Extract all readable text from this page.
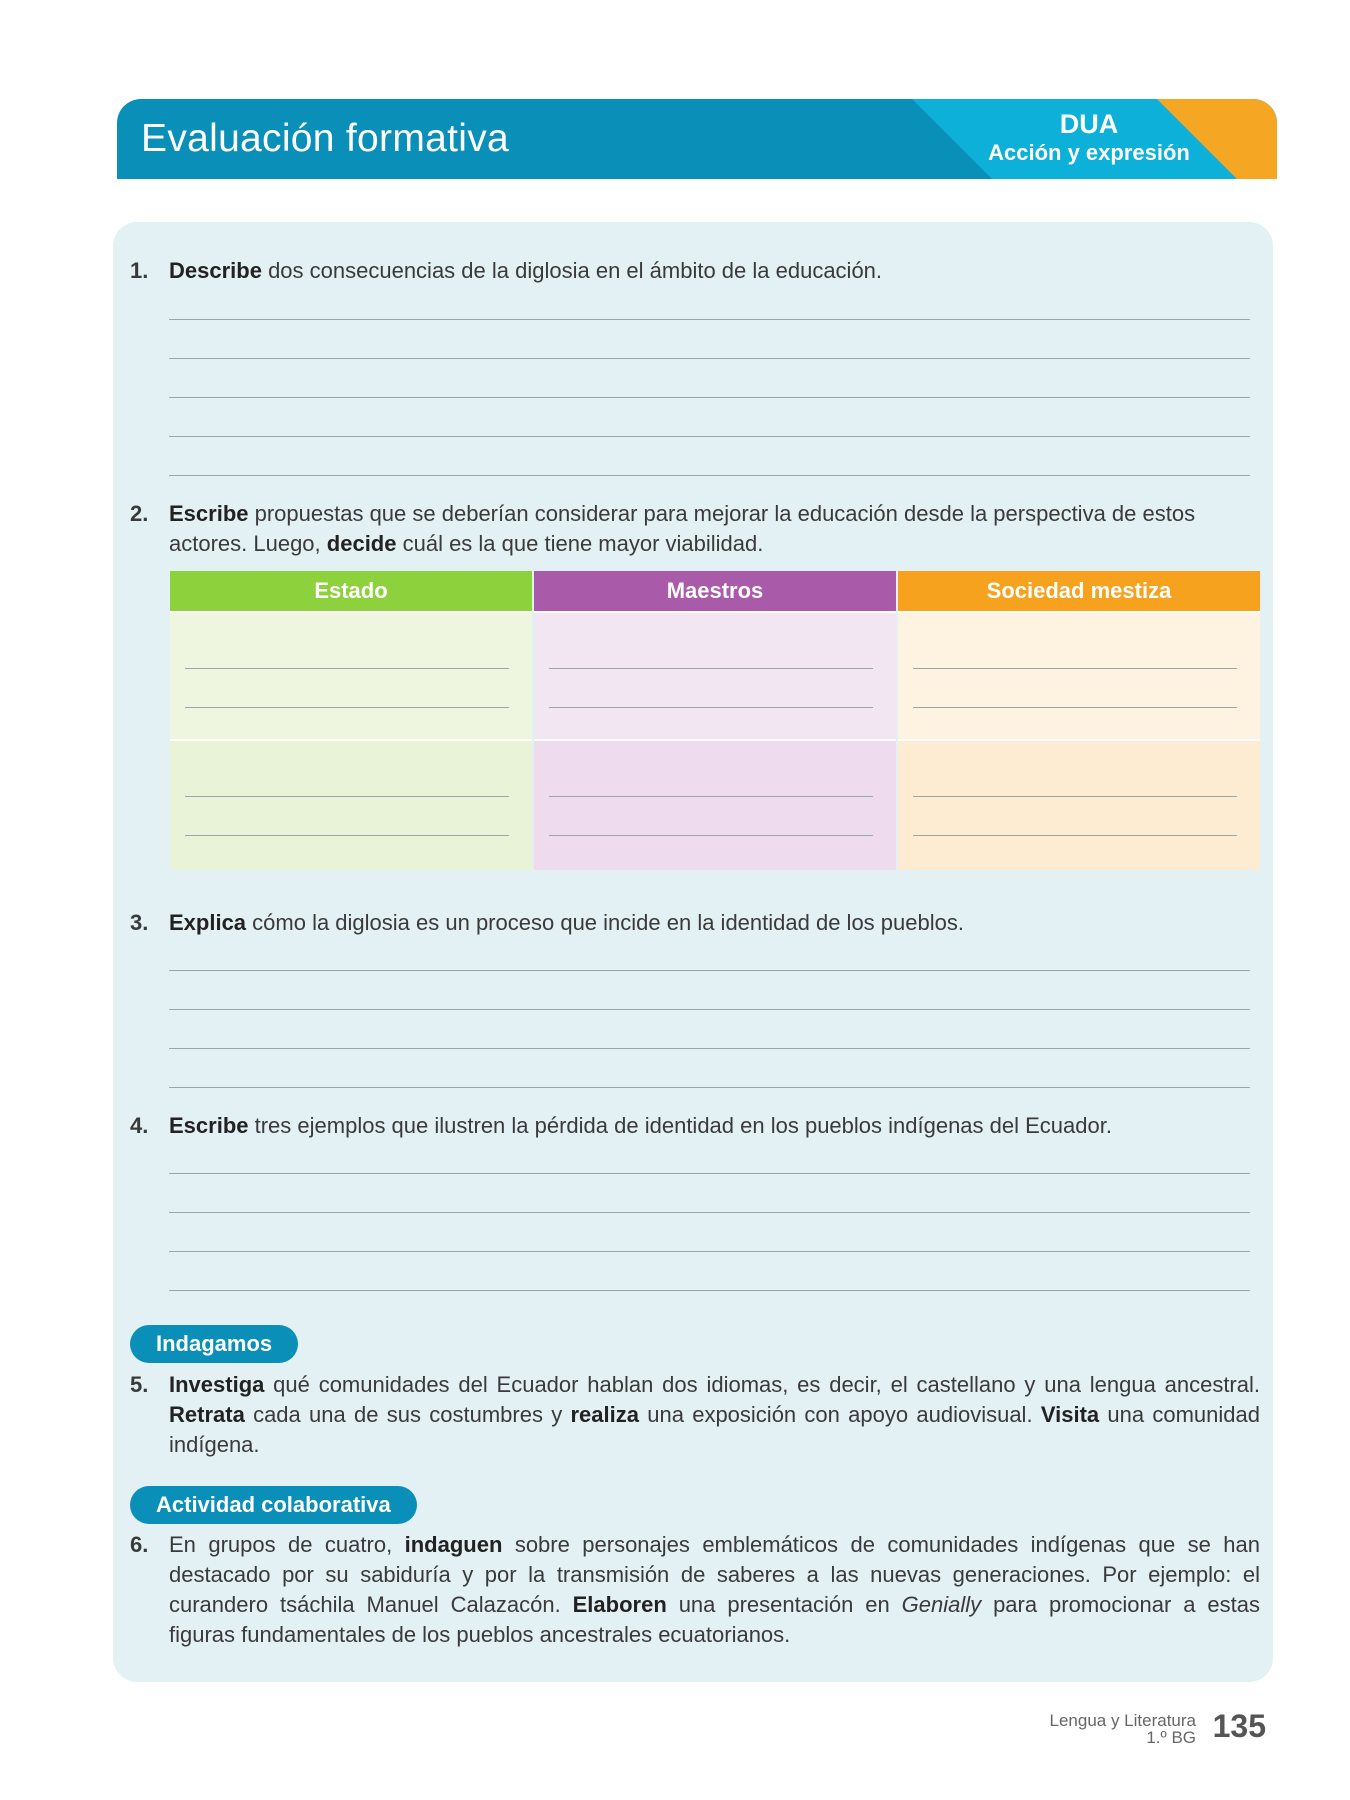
Evaluación formativa	DUA
Acción y expresión
1. Describe dos consecuencias de la diglosia en el ámbito de la educación.
2. Escribe propuestas que se deberían considerar para mejorar la educación desde la perspectiva de estos actores. Luego, decide cuál es la que tiene mayor viabilidad.
Estado	Maestros	Sociedad mestiza
3. Explica cómo la diglosia es un proceso que incide en la identidad de los pueblos.
4. Escribe tres ejemplos que ilustren la pérdida de identidad en los pueblos indígenas del Ecuador.
Indagamos
5. Investiga qué comunidades del Ecuador hablan dos idiomas, es decir, el castellano y una lengua ancestral. Retrata cada una de sus costumbres y realiza una exposición con apoyo audiovisual. Visita una comunidad indígena.
Actividad colaborativa
6. En grupos de cuatro, indaguen sobre personajes emblemáticos de comunidades indígenas que se han destacado por su sabiduría y por la transmisión de saberes a las nuevas generaciones. Por ejemplo: el curandero tsáchila Manuel Calazacón. Elaboren una presentación en Genially para promocionar a estas figuras fundamentales de los pueblos ancestrales ecuatorianos.
Lengua y Literatura
1.º BG 135
